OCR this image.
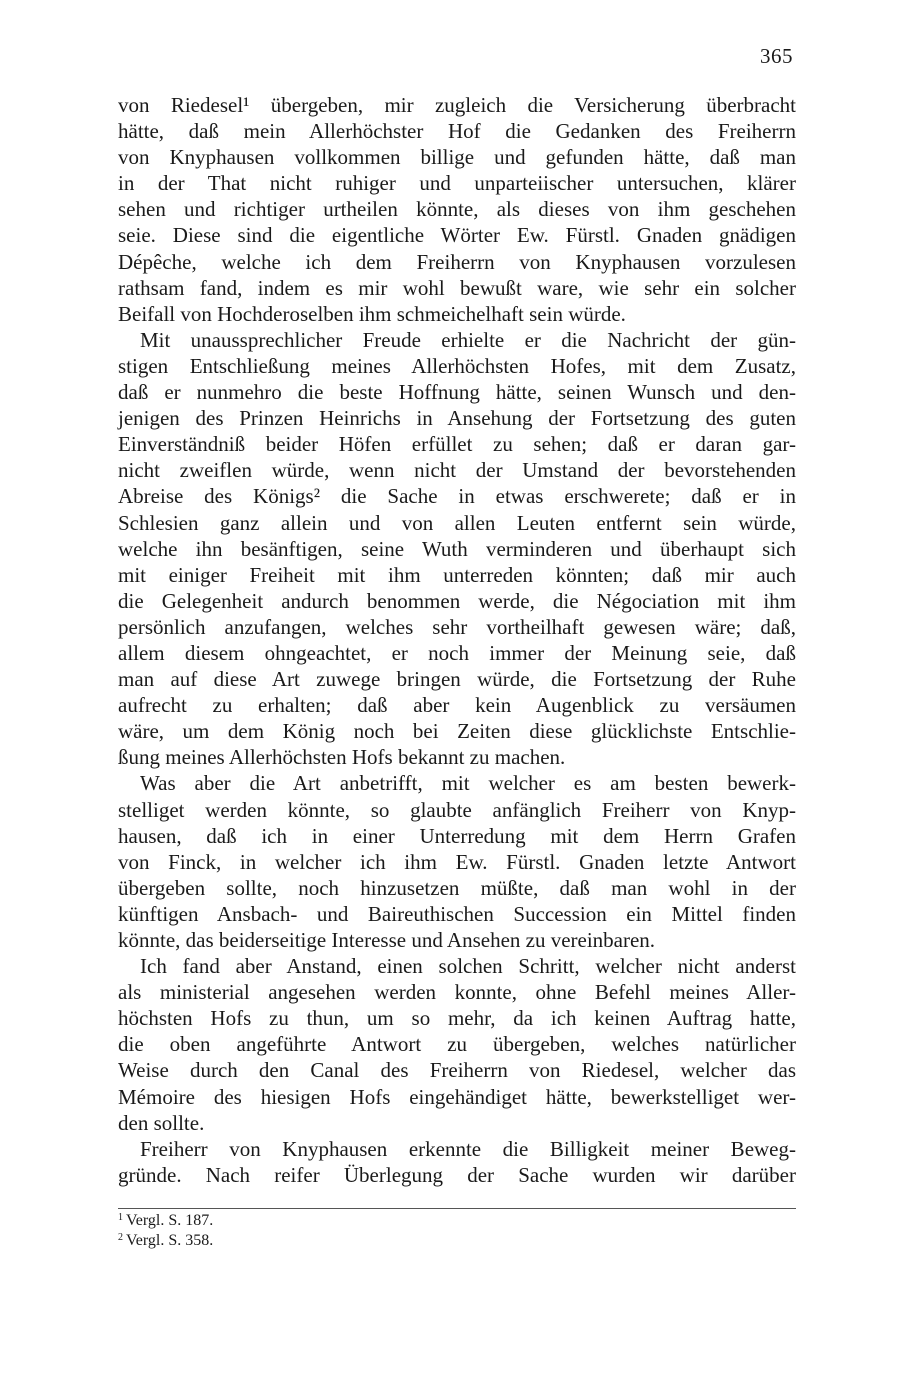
365
von Riedesel¹ übergeben, mir zugleich die Versicherung überbracht
hätte, daß mein Allerhöchster Hof die Gedanken des Freiherrn
von Knyphausen vollkommen billige und gefunden hätte, daß man
in der That nicht ruhiger und unparteiischer untersuchen, klärer
sehen und richtiger urtheilen könnte, als dieses von ihm geschehen
seie. Diese sind die eigentliche Wörter Ew. Fürstl. Gnaden gnädigen
Dépêche, welche ich dem Freiherrn von Knyphausen vorzulesen
rathsam fand, indem es mir wohl bewußt ware, wie sehr ein solcher
Beifall von Hochderoselben ihm schmeichelhaft sein würde.
Mit unaussprechlicher Freude erhielte er die Nachricht der gün-
stigen Entschließung meines Allerhöchsten Hofes, mit dem Zusatz,
daß er nunmehro die beste Hoffnung hätte, seinen Wunsch und den-
jenigen des Prinzen Heinrichs in Ansehung der Fortsetzung des guten
Einverständniß beider Höfen erfüllet zu sehen; daß er daran gar-
nicht zweiflen würde, wenn nicht der Umstand der bevorstehenden
Abreise des Königs² die Sache in etwas erschwerete; daß er in
Schlesien ganz allein und von allen Leuten entfernt sein würde,
welche ihn besänftigen, seine Wuth verminderen und überhaupt sich
mit einiger Freiheit mit ihm unterreden könnten; daß mir auch
die Gelegenheit andurch benommen werde, die Négociation mit ihm
persönlich anzufangen, welches sehr vortheilhaft gewesen wäre; daß,
allem diesem ohngeachtet, er noch immer der Meinung seie, daß
man auf diese Art zuwege bringen würde, die Fortsetzung der Ruhe
aufrecht zu erhalten; daß aber kein Augenblick zu versäumen
wäre, um dem König noch bei Zeiten diese glücklichste Entschlie-
ßung meines Allerhöchsten Hofs bekannt zu machen.
Was aber die Art anbetrifft, mit welcher es am besten bewerk-
stelliget werden könnte, so glaubte anfänglich Freiherr von Knyp-
hausen, daß ich in einer Unterredung mit dem Herrn Grafen
von Finck, in welcher ich ihm Ew. Fürstl. Gnaden letzte Antwort
übergeben sollte, noch hinzusetzen müßte, daß man wohl in der
künftigen Ansbach- und Baireuthischen Succession ein Mittel finden
könnte, das beiderseitige Interesse und Ansehen zu vereinbaren.
Ich fand aber Anstand, einen solchen Schritt, welcher nicht anderst
als ministerial angesehen werden konnte, ohne Befehl meines Aller-
höchsten Hofs zu thun, um so mehr, da ich keinen Auftrag hatte,
die oben angeführte Antwort zu übergeben, welches natürlicher
Weise durch den Canal des Freiherrn von Riedesel, welcher das
Mémoire des hiesigen Hofs eingehändiget hätte, bewerkstelliget wer-
den sollte.
Freiherr von Knyphausen erkennte die Billigkeit meiner Beweg-
gründe. Nach reifer Überlegung der Sache wurden wir darüber
$^1$ Vergl. S. 187.
$^2$ Vergl. S. 358.
